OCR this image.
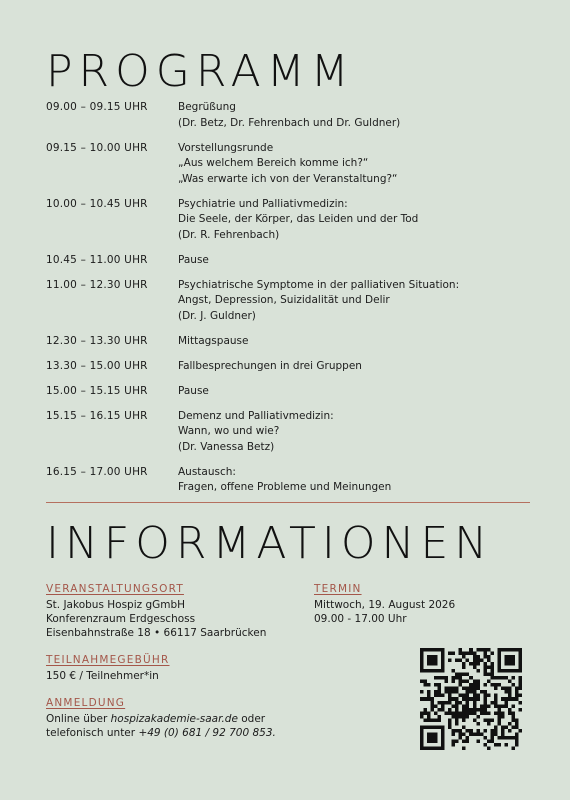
PROGRAMM
09.00 – 09.15 UHR	Begrüßung
(Dr. Betz, Dr. Fehrenbach und Dr. Guldner)
09.15 – 10.00 UHR	Vorstellungsrunde
„Aus welchem Bereich komme ich?“
„Was erwarte ich von der Veranstaltung?“
10.00 – 10.45 UHR	Psychiatrie und Palliativmedizin:
Die Seele, der Körper, das Leiden und der Tod
(Dr. R. Fehrenbach)
10.45 – 11.00 UHR	Pause
11.00 – 12.30 UHR	Psychiatrische Symptome in der palliativen Situation:
Angst, Depression, Suizidalität und Delir
(Dr. J. Guldner)
12.30 – 13.30 UHR	Mittagspause
13.30 – 15.00 UHR	Fallbesprechungen in drei Gruppen
15.00 – 15.15 UHR	Pause
15.15 – 16.15 UHR	Demenz und Palliativmedizin:
Wann, wo und wie?
(Dr. Vanessa Betz)
16.15 – 17.00 UHR	Austausch:
Fragen, offene Probleme und Meinungen
INFORMATIONEN
VERANSTALTUNGSORT
St. Jakobus Hospiz gGmbH
Konferenzraum Erdgeschoss
Eisenbahnstraße 18 • 66117 Saarbrücken
TEILNAHMEGEBÜHR
150 € / Teilnehmer*in
ANMELDUNG
Online über hospizakademie-saar.de oder
telefonisch unter +49 (0) 681 / 92 700 853.
TERMIN
Mittwoch, 19. August 2026
09.00 - 17.00 Uhr
